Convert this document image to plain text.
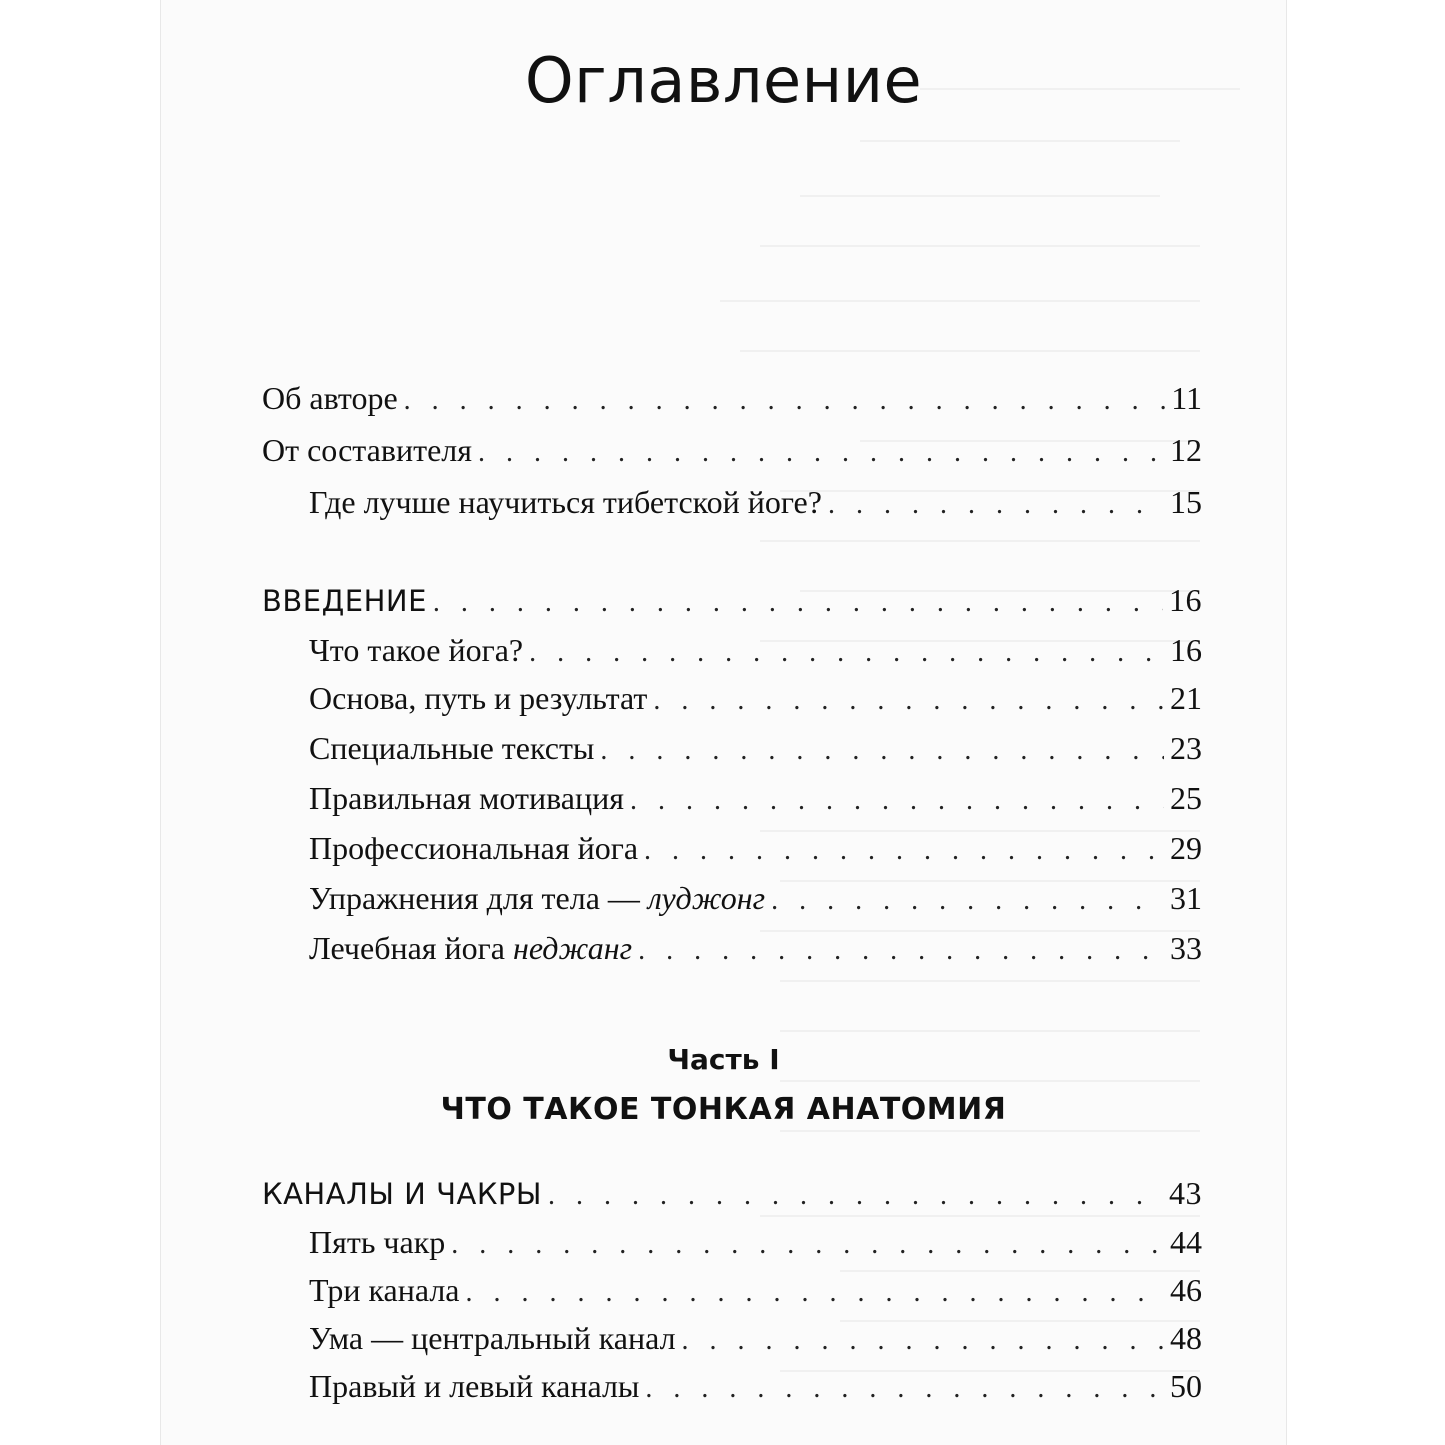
Оглавление
Об авторе . . .	11
От составителя . . .	12
Где лучше научиться тибетской йоге? . . .	15
ВВЕДЕНИЕ . . .	16
Что такое йога? . . .	16
Основа, путь и результат . . .	21
Специальные тексты . . .	23
Правильная мотивация . . .	25
Профессиональная йога . . .	29
Упражнения для тела — луджонг . . .	31
Лечебная йога неджанг . . .	33
КАНАЛЫ И ЧАКРЫ . . .	43
Пять чакр . . .	44
Три канала . . .	46
Ума — центральный канал . . .	48
Правый и левый каналы . . .	50
Часть I
ЧТО ТАКОЕ ТОНКАЯ АНАТОМИЯ
